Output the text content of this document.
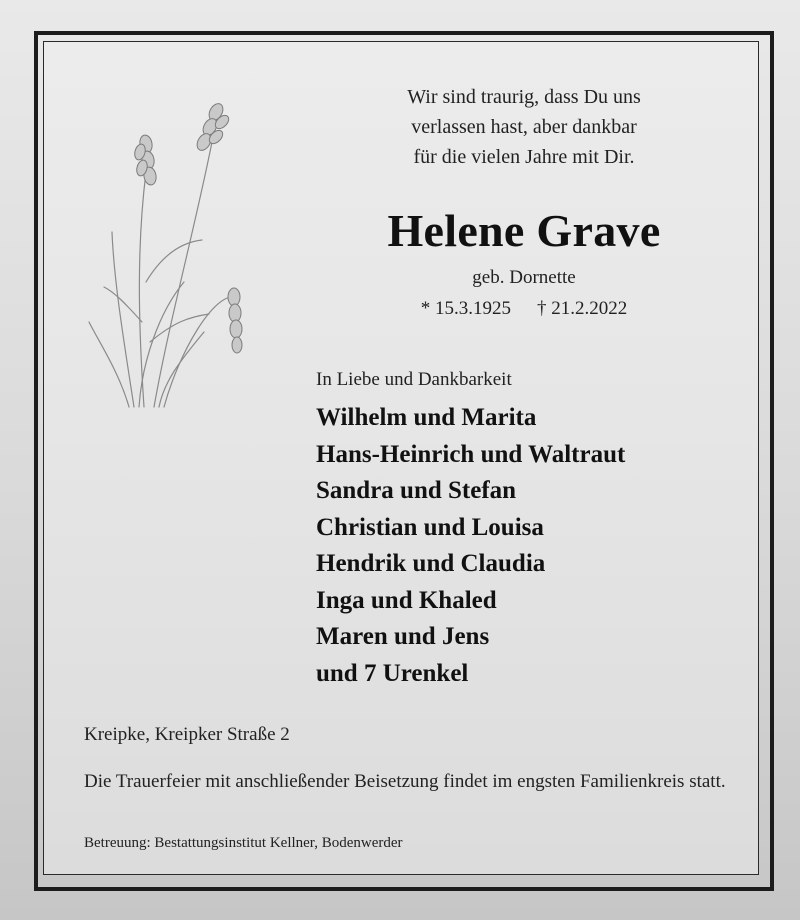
Wir sind traurig, dass Du uns
verlassen hast, aber dankbar
für die vielen Jahre mit Dir.
Helene Grave
geb. Dornette
* 15.3.1925 † 21.2.2022
In Liebe und Dankbarkeit
Wilhelm und Marita
Hans-Heinrich und Waltraut
Sandra und Stefan
Christian und Louisa
Hendrik und Claudia
Inga und Khaled
Maren und Jens
und 7 Urenkel
Kreipke, Kreipker Straße 2
Die Trauerfeier mit anschließender Beisetzung findet im engsten Familienkreis statt.
Betreuung: Bestattungsinstitut Kellner, Bodenwerder
